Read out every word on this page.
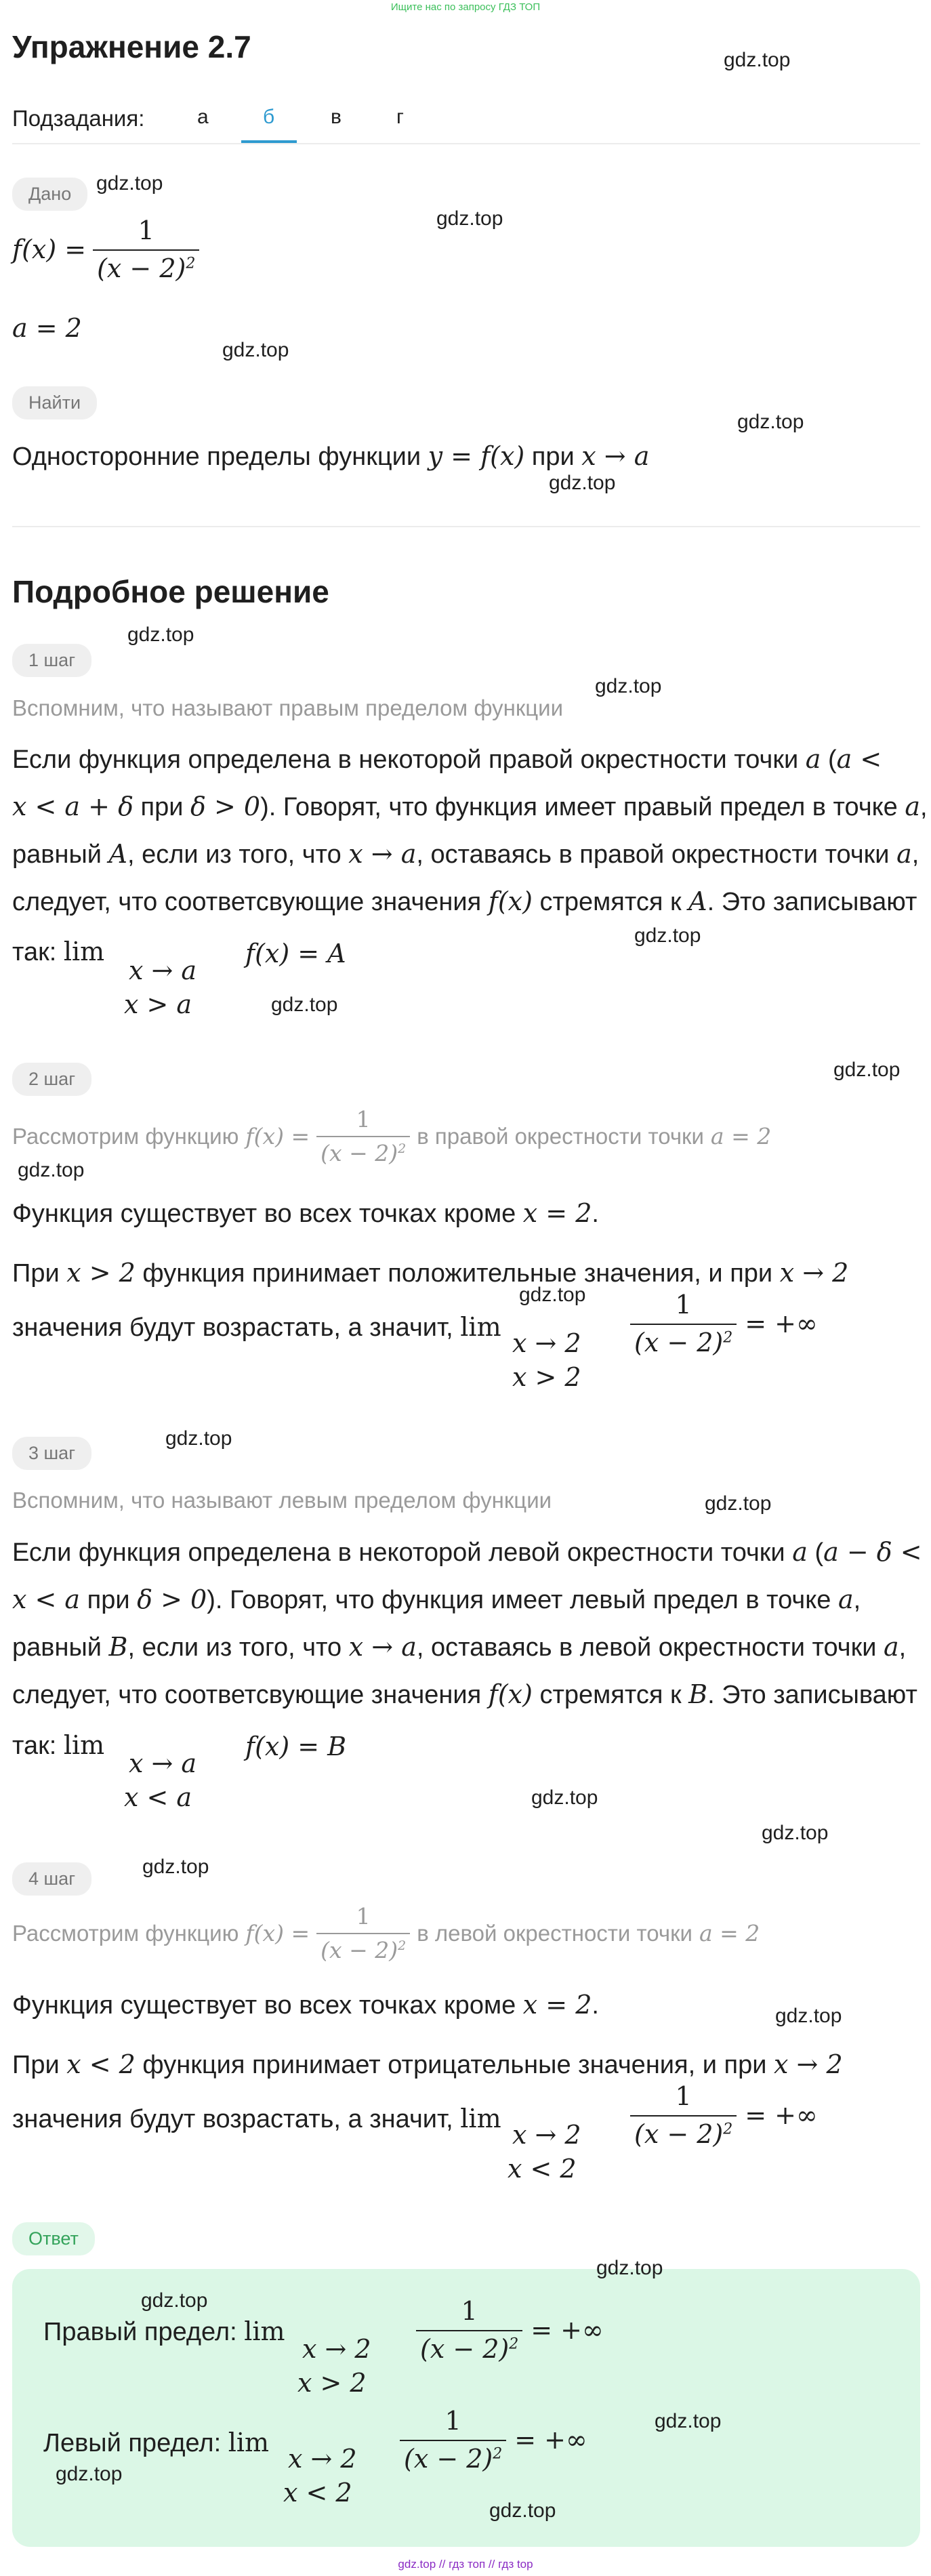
Ищите нас по запросу ГДЗ ТОП
Упражнение 2.7
Подзадания:	а	б	в	г
Дано
$f(x) = \frac{1}{(x - 2)^2}$
a = 2
Найти
Односторонние пределы функции y = f(x) при x → a
Подробное решение
1 шаг
Вспомним, что называют правым пределом функции
Если функция определена в некоторой правой окрестности точки a (a <
x < a + δ при δ > 0). Говорят, что функция имеет правый предел в точке a,
равный A, если из того, что x → a, оставаясь в правой окрестности точки a,
следует, что соответсвующие значения f(x) стремятся к A. Это записывают
так: lim
x → a
x > a
f(x) = A
2 шаг
Рассмотрим функцию $f(x) = \frac{1}{(x - 2)^2}$ в правой окрестности точки a = 2
Функция существует во всех точках кроме x = 2.
При x > 2 функция принимает положительные значения, и при x → 2
значения будут возрастать, а значит, lim
x → 2
x > 2
$\frac{1}{(x - 2)^2}$ = +∞
3 шаг
Вспомним, что называют левым пределом функции
Если функция определена в некоторой левой окрестности точки a (a − δ <
x < a при δ > 0). Говорят, что функция имеет левый предел в точке a,
равный B, если из того, что x → a, оставаясь в левой окрестности точки a,
следует, что соответсвующие значения f(x) стремятся к B. Это записывают
так: lim
x → a
x < a
f(x) = B
4 шаг
Рассмотрим функцию $f(x) = \frac{1}{(x - 2)^2}$ в левой окрестности точки a = 2
Функция существует во всех точках кроме x = 2.
При x < 2 функция принимает отрицательные значения, и при x → 2
значения будут возрастать, а значит, lim
x → 2
x < 2
$\frac{1}{(x - 2)^2}$ = +∞
Ответ
Правый предел: lim
x → 2
x > 2
$\frac{1}{(x - 2)^2}$ = +∞
Левый предел: lim
x → 2
x < 2
$\frac{1}{(x - 2)^2}$ = +∞
gdz.top
gdz.top
gdz.top
gdz.top
gdz.top
gdz.top
gdz.top
gdz.top
gdz.top
gdz.top
gdz.top
gdz.top
gdz.top
gdz.top
gdz.top
gdz.top
gdz.top
gdz.top
gdz.top
gdz.top
gdz.top
gdz.top
gdz.top
gdz.top
gdz.top // гдз топ // гдз top
